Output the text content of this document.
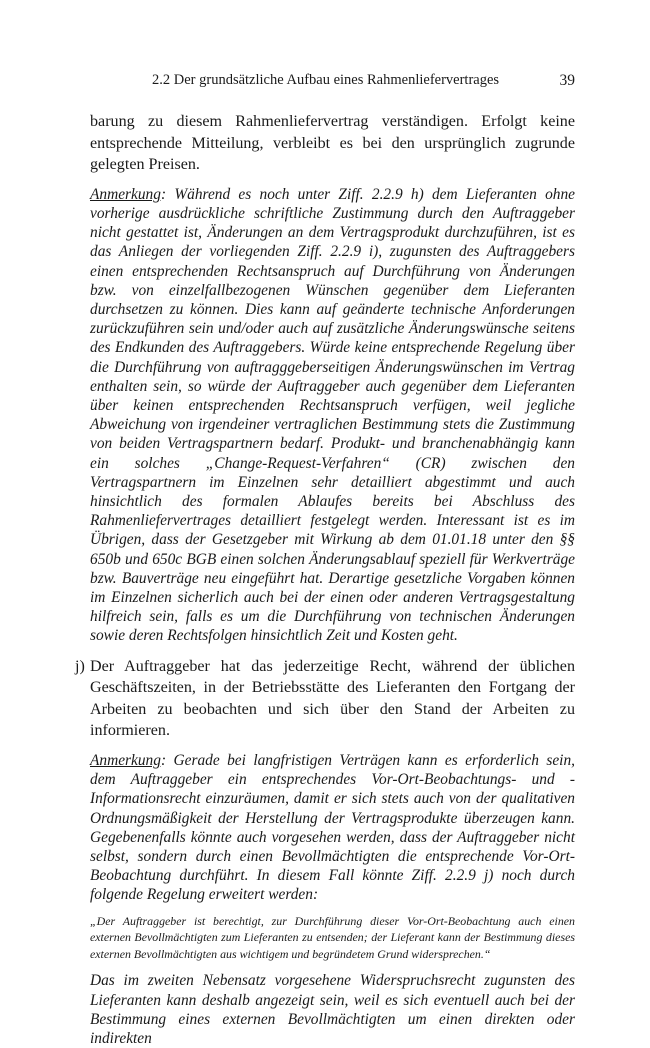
2.2 Der grundsätzliche Aufbau eines Rahmenliefervertrages	39

barung zu diesem Rahmenliefervertrag verständigen. Erfolgt keine entsprechende Mitteilung, verbleibt es bei den ursprünglich zugrunde gelegten Preisen.

Anmerkung: Während es noch unter Ziff. 2.2.9 h) dem Lieferanten ohne vorherige ausdrückliche schriftliche Zustimmung durch den Auftraggeber nicht gestattet ist, Änderungen an dem Vertragsprodukt durchzuführen, ist es das Anliegen der vorliegenden Ziff. 2.2.9 i), zugunsten des Auftraggebers einen entsprechenden Rechtsanspruch auf Durchführung von Änderungen bzw. von einzelfallbezogenen Wünschen gegenüber dem Lieferanten durchsetzen zu können. Dies kann auf geänderte technische Anforderungen zurückzuführen sein und/oder auch auf zusätzliche Änderungswünsche seitens des Endkunden des Auftraggebers. Würde keine entsprechende Regelung über die Durchführung von auftragggeberseitigen Änderungswünschen im Vertrag enthalten sein, so würde der Auftraggeber auch gegenüber dem Lieferanten über keinen entsprechenden Rechtsanspruch verfügen, weil jegliche Abweichung von irgendeiner vertraglichen Bestimmung stets die Zustimmung von beiden Vertragspartnern bedarf. Produkt- und branchenabhängig kann ein solches „Change-Request-Verfahren“ (CR) zwischen den Vertragspartnern im Einzelnen sehr detailliert abgestimmt und auch hinsichtlich des formalen Ablaufes bereits bei Abschluss des Rahmenliefervertrages detailliert festgelegt werden. Interessant ist es im Übrigen, dass der Gesetzgeber mit Wirkung ab dem 01.01.18 unter den §§ 650b und 650c BGB einen solchen Änderungsablauf speziell für Werkverträge bzw. Bauverträge neu eingeführt hat. Derartige gesetzliche Vorgaben können im Einzelnen sicherlich auch bei der einen oder anderen Vertragsgestaltung hilfreich sein, falls es um die Durchführung von technischen Änderungen sowie deren Rechtsfolgen hinsichtlich Zeit und Kosten geht.

j) Der Auftraggeber hat das jederzeitige Recht, während der üblichen Geschäftszeiten, in der Betriebsstätte des Lieferanten den Fortgang der Arbeiten zu beobachten und sich über den Stand der Arbeiten zu informieren.

Anmerkung: Gerade bei langfristigen Verträgen kann es erforderlich sein, dem Auftraggeber ein entsprechendes Vor-Ort-Beobachtungs- und -Informationsrecht einzuräumen, damit er sich stets auch von der qualitativen Ordnungsmäßigkeit der Herstellung der Vertragsprodukte überzeugen kann. Gegebenenfalls könnte auch vorgesehen werden, dass der Auftraggeber nicht selbst, sondern durch einen Bevollmächtigten die entsprechende Vor-Ort-Beobachtung durchführt. In diesem Fall könnte Ziff. 2.2.9 j) noch durch folgende Regelung erweitert werden:

„Der Auftraggeber ist berechtigt, zur Durchführung dieser Vor-Ort-Beobachtung auch einen externen Bevollmächtigten zum Lieferanten zu entsenden; der Lieferant kann der Bestimmung dieses externen Bevollmächtigten aus wichtigem und begründetem Grund widersprechen.“

Das im zweiten Nebensatz vorgesehene Widerspruchsrecht zugunsten des Lieferanten kann deshalb angezeigt sein, weil es sich eventuell auch bei der Bestimmung eines externen Bevollmächtigten um einen direkten oder indirekten
